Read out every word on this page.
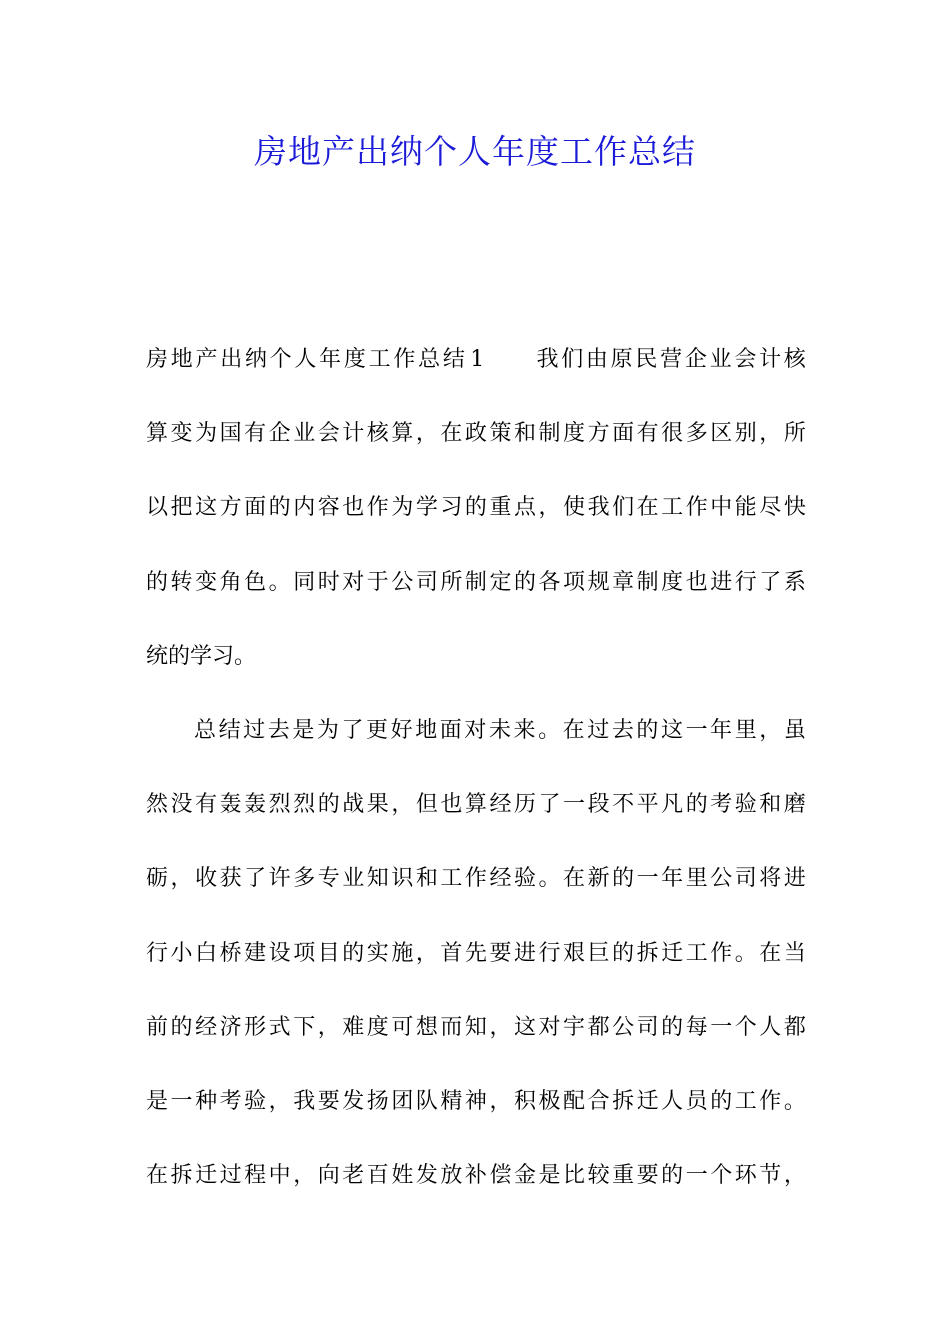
房地产出纳个人年度工作总结
房 地 产 出 纳 个 人 年 度 工 作 总 结 1

　 我 们 由 原 民 营 企 业 会 计 核
算 变 为 国 有 企 业 会 计 核 算 ， 在 政 策 和 制 度 方 面 有 很 多 区 别 ， 所
以 把 这 方 面 的 内 容 也 作 为 学 习 的 重 点 ， 使 我 们 在 工 作 中 能 尽 快
的 转 变 角 色 。 同 时 对 于 公 司 所 制 定 的 各 项 规 章 制 度 也 进 行 了 系
统的学习。
总 结 过 去 是 为 了 更 好 地 面 对 未 来 。 在 过 去 的 这 一 年 里 ， 虽
然 没 有 轰 轰 烈 烈 的 战 果 ， 但 也 算 经 历 了 一 段 不 平 凡 的 考 验 和 磨
砺 ， 收 获 了 许 多 专 业 知 识 和 工 作 经 验 。 在 新 的 一 年 里 公 司 将 进
行 小 白 桥 建 设 项 目 的 实 施 ， 首 先 要 进 行 艰 巨 的 拆 迁 工 作 。 在 当
前 的 经 济 形 式 下 ， 难 度 可 想 而 知 ， 这 对 宇 都 公 司 的 每 一 个 人 都
是 一 种 考 验 ， 我 要 发 扬 团 队 精 神 ， 积 极 配 合 拆 迁 人 员 的 工 作 。
在 拆 迁 过 程 中 ， 向 老 百 姓 发 放 补 偿 金 是 比 较 重 要 的 一 个 环 节 ，
